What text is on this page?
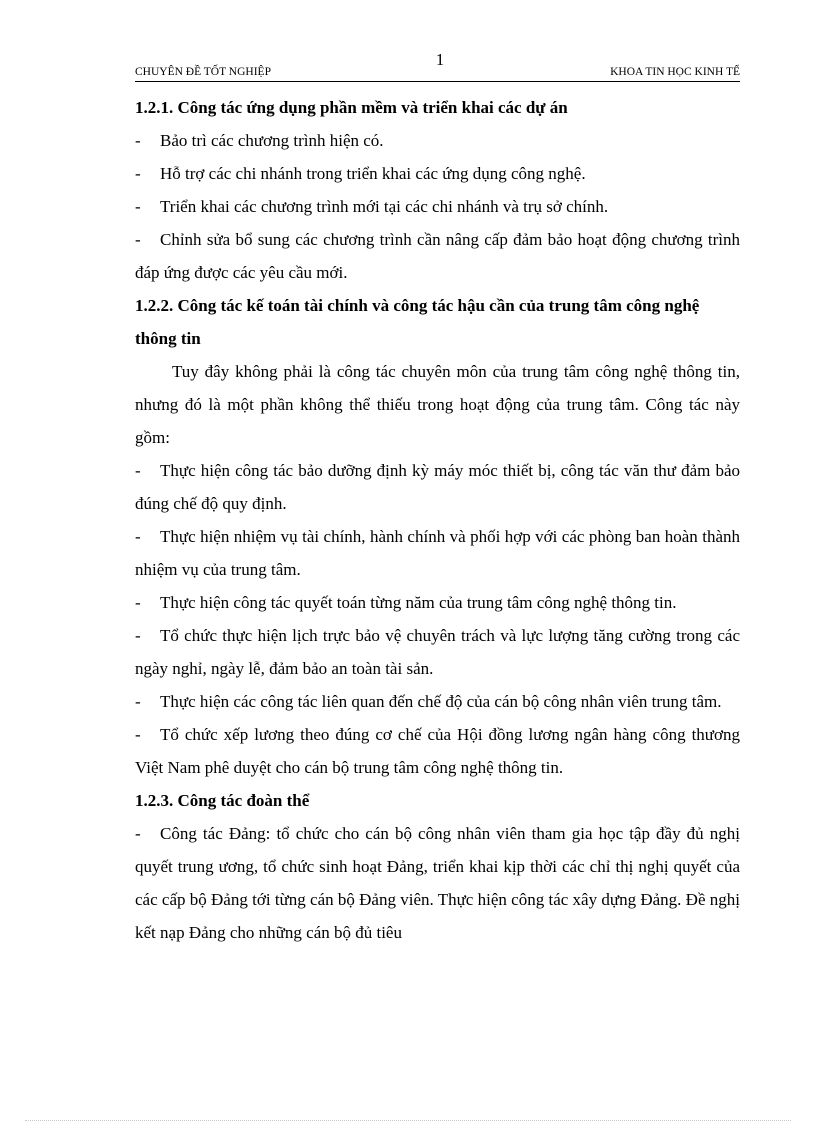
1
CHUYÊN ĐỀ TỐT NGHIỆP	KHOA TIN HỌC KINH TẾ

1.2.1. Công tác ứng dụng phần mềm và triển khai các dự án

- Bảo trì các chương trình hiện có.

- Hỗ trợ các chi nhánh trong triển khai các ứng dụng công nghệ.

- Triển khai các chương trình mới tại các chi nhánh và trụ sở chính.

- Chỉnh sửa bổ sung các chương trình cần nâng cấp đảm bảo hoạt động chương trình đáp ứng được các yêu cầu mới.

1.2.2. Công tác kế toán tài chính và công tác hậu cần của trung tâm công nghệ thông tin

Tuy đây không phải là công tác chuyên môn của trung tâm công nghệ thông tin, nhưng đó là một phần không thể thiếu trong hoạt động của trung tâm. Công tác này gồm:

- Thực hiện công tác bảo dưỡng định kỳ máy móc thiết bị, công tác văn thư đảm bảo đúng chế độ quy định.

- Thực hiện nhiệm vụ tài chính, hành chính và phối hợp với các phòng ban hoàn thành nhiệm vụ của trung tâm.

- Thực hiện công tác quyết toán từng năm của trung tâm công nghệ thông tin.

- Tổ chức thực hiện lịch trực bảo vệ chuyên trách và lực lượng tăng cường trong các ngày nghỉ, ngày lễ, đảm bảo an toàn tài sản.

- Thực hiện các công tác liên quan đến chế độ của cán bộ công nhân viên trung tâm.

- Tổ chức xếp lương theo đúng cơ chế của Hội đồng lương ngân hàng công thương Việt Nam phê duyệt cho cán bộ trung tâm công nghệ thông tin.

1.2.3. Công tác đoàn thể

- Công tác Đảng: tổ chức cho cán bộ công nhân viên tham gia học tập đầy đủ nghị quyết trung ương, tổ chức sinh hoạt Đảng, triển khai kịp thời các chỉ thị nghị quyết của các cấp bộ Đảng tới từng cán bộ Đảng viên. Thực hiện công tác xây dựng Đảng. Đề nghị kết nạp Đảng cho những cán bộ đủ tiêu
